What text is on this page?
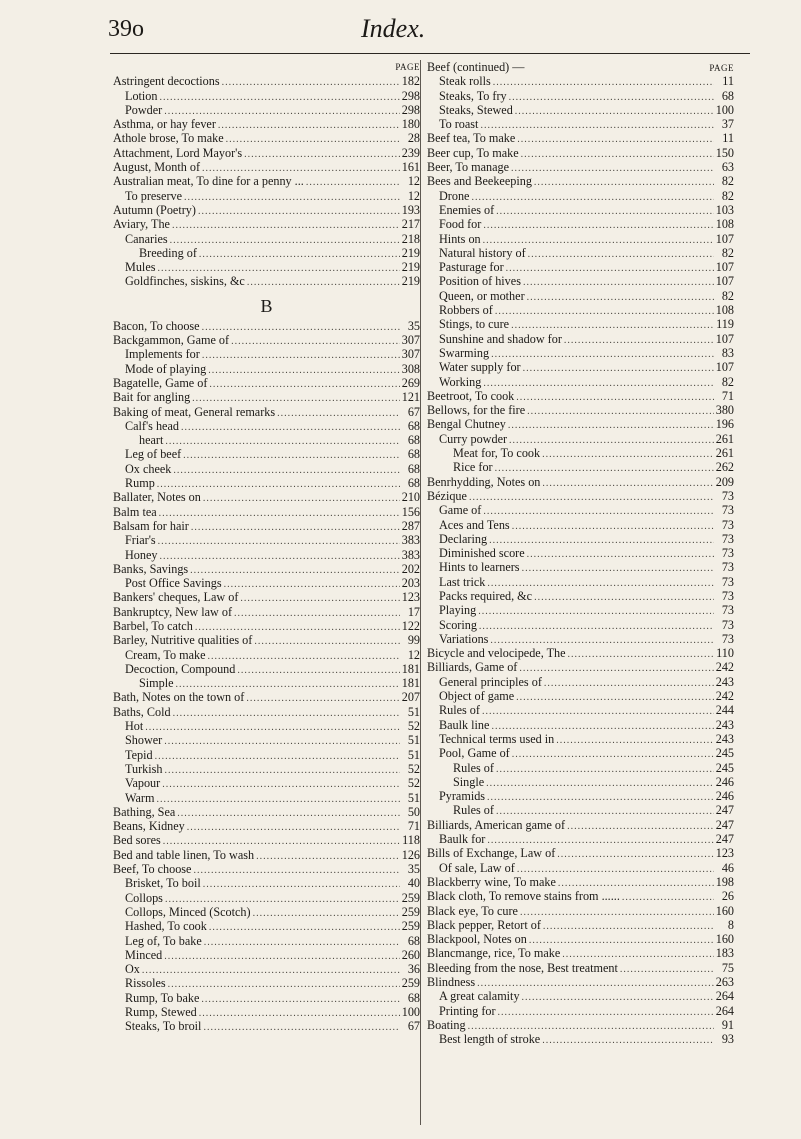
39o	Index.
PAGE
Astringent decoctions .....	182
Lotion .....	298
Powder .....	298
Asthma, or hay fever .....	180
Athole brose, To make .....	28
Attachment, Lord Mayor's .....	239
August, Month of .....	161
Australian meat, To dine for a penny ... .....	12
To preserve .....	12
Autumn (Poetry) .....	193
Aviary, The .....	217
Canaries .....	218
Breeding of .....	219
Mules .....	219
Goldfinches, siskins, &c .....	219
B
Bacon, To choose .....	35
Backgammon, Game of .....	307
Implements for .....	307
Mode of playing .....	308
Bagatelle, Game of .....	269
Bait for angling .....	121
Baking of meat, General remarks .....	67
Calf's head .....	68
heart .....	68
Leg of beef .....	68
Ox cheek .....	68
Rump .....	68
Ballater, Notes on .....	210
Balm tea .....	156
Balsam for hair .....	287
Friar's .....	383
Honey .....	383
Banks, Savings .....	202
Post Office Savings .....	203
Bankers' cheques, Law of .....	123
Bankruptcy, New law of .....	17
Barbel, To catch .....	122
Barley, Nutritive qualities of .....	99
Cream, To make .....	12
Decoction, Compound .....	181
Simple .....	181
Bath, Notes on the town of .....	207
Baths, Cold .....	51
Hot .....	52
Shower .....	51
Tepid .....	51
Turkish .....	52
Vapour .....	52
Warm .....	51
Bathing, Sea .....	50
Beans, Kidney .....	71
Bed sores .....	118
Bed and table linen, To wash .....	126
Beef, To choose .....	35
Brisket, To boil .....	40
Collops .....	259
Collops, Minced (Scotch) .....	259
Hashed, To cook .....	259
Leg of, To bake .....	68
Minced .....	260
Ox .....	36
Rissoles .....	259
Rump, To bake .....	68
Rump, Stewed .....	100
Steaks, To broil .....	67
Beef (continued) —	PAGE
Steak rolls .....	11
Steaks, To fry .....	68
Steaks, Stewed .....	100
To roast .....	37
Beef tea, To make .....	11
Beer cup, To make .....	150
Beer, To manage .....	63
Bees and Beekeeping .....	82
Drone .....	82
Enemies of .....	103
Food for .....	108
Hints on .....	107
Natural history of .....	82
Pasturage for .....	107
Position of hives .....	107
Queen, or mother .....	82
Robbers of .....	108
Stings, to cure .....	119
Sunshine and shadow for .....	107
Swarming .....	83
Water supply for .....	107
Working .....	82
Beetroot, To cook .....	71
Bellows, for the fire .....	380
Bengal Chutney .....	196
Curry powder .....	261
Meat for, To cook .....	261
Rice for .....	262
Benrhydding, Notes on .....	209
Bézique .....	73
Game of .....	73
Aces and Tens .....	73
Declaring .....	73
Diminished score .....	73
Hints to learners .....	73
Last trick .....	73
Packs required, &c .....	73
Playing .....	73
Scoring .....	73
Variations .....	73
Bicycle and velocipede, The .....	110
Billiards, Game of .....	242
General principles of .....	243
Object of game .....	242
Rules of .....	244
Baulk line .....	243
Technical terms used in .....	243
Pool, Game of .....	245
Rules of .....	245
Single .....	246
Pyramids .....	246
Rules of .....	247
Billiards, American game of .....	247
Baulk for .....	247
Bills of Exchange, Law of .....	123
Of sale, Law of .....	46
Blackberry wine, To make .....	198
Black cloth, To remove stains from ...... .....	26
Black eye, To cure .....	160
Black pepper, Retort of .....	8
Blackpool, Notes on .....	160
Blancmange, rice, To make .....	183
Bleeding from the nose, Best treatment .....	75
Blindness .....	263
A great calamity .....	264
Printing for .....	264
Boating .....	91
Best length of stroke .....	93
